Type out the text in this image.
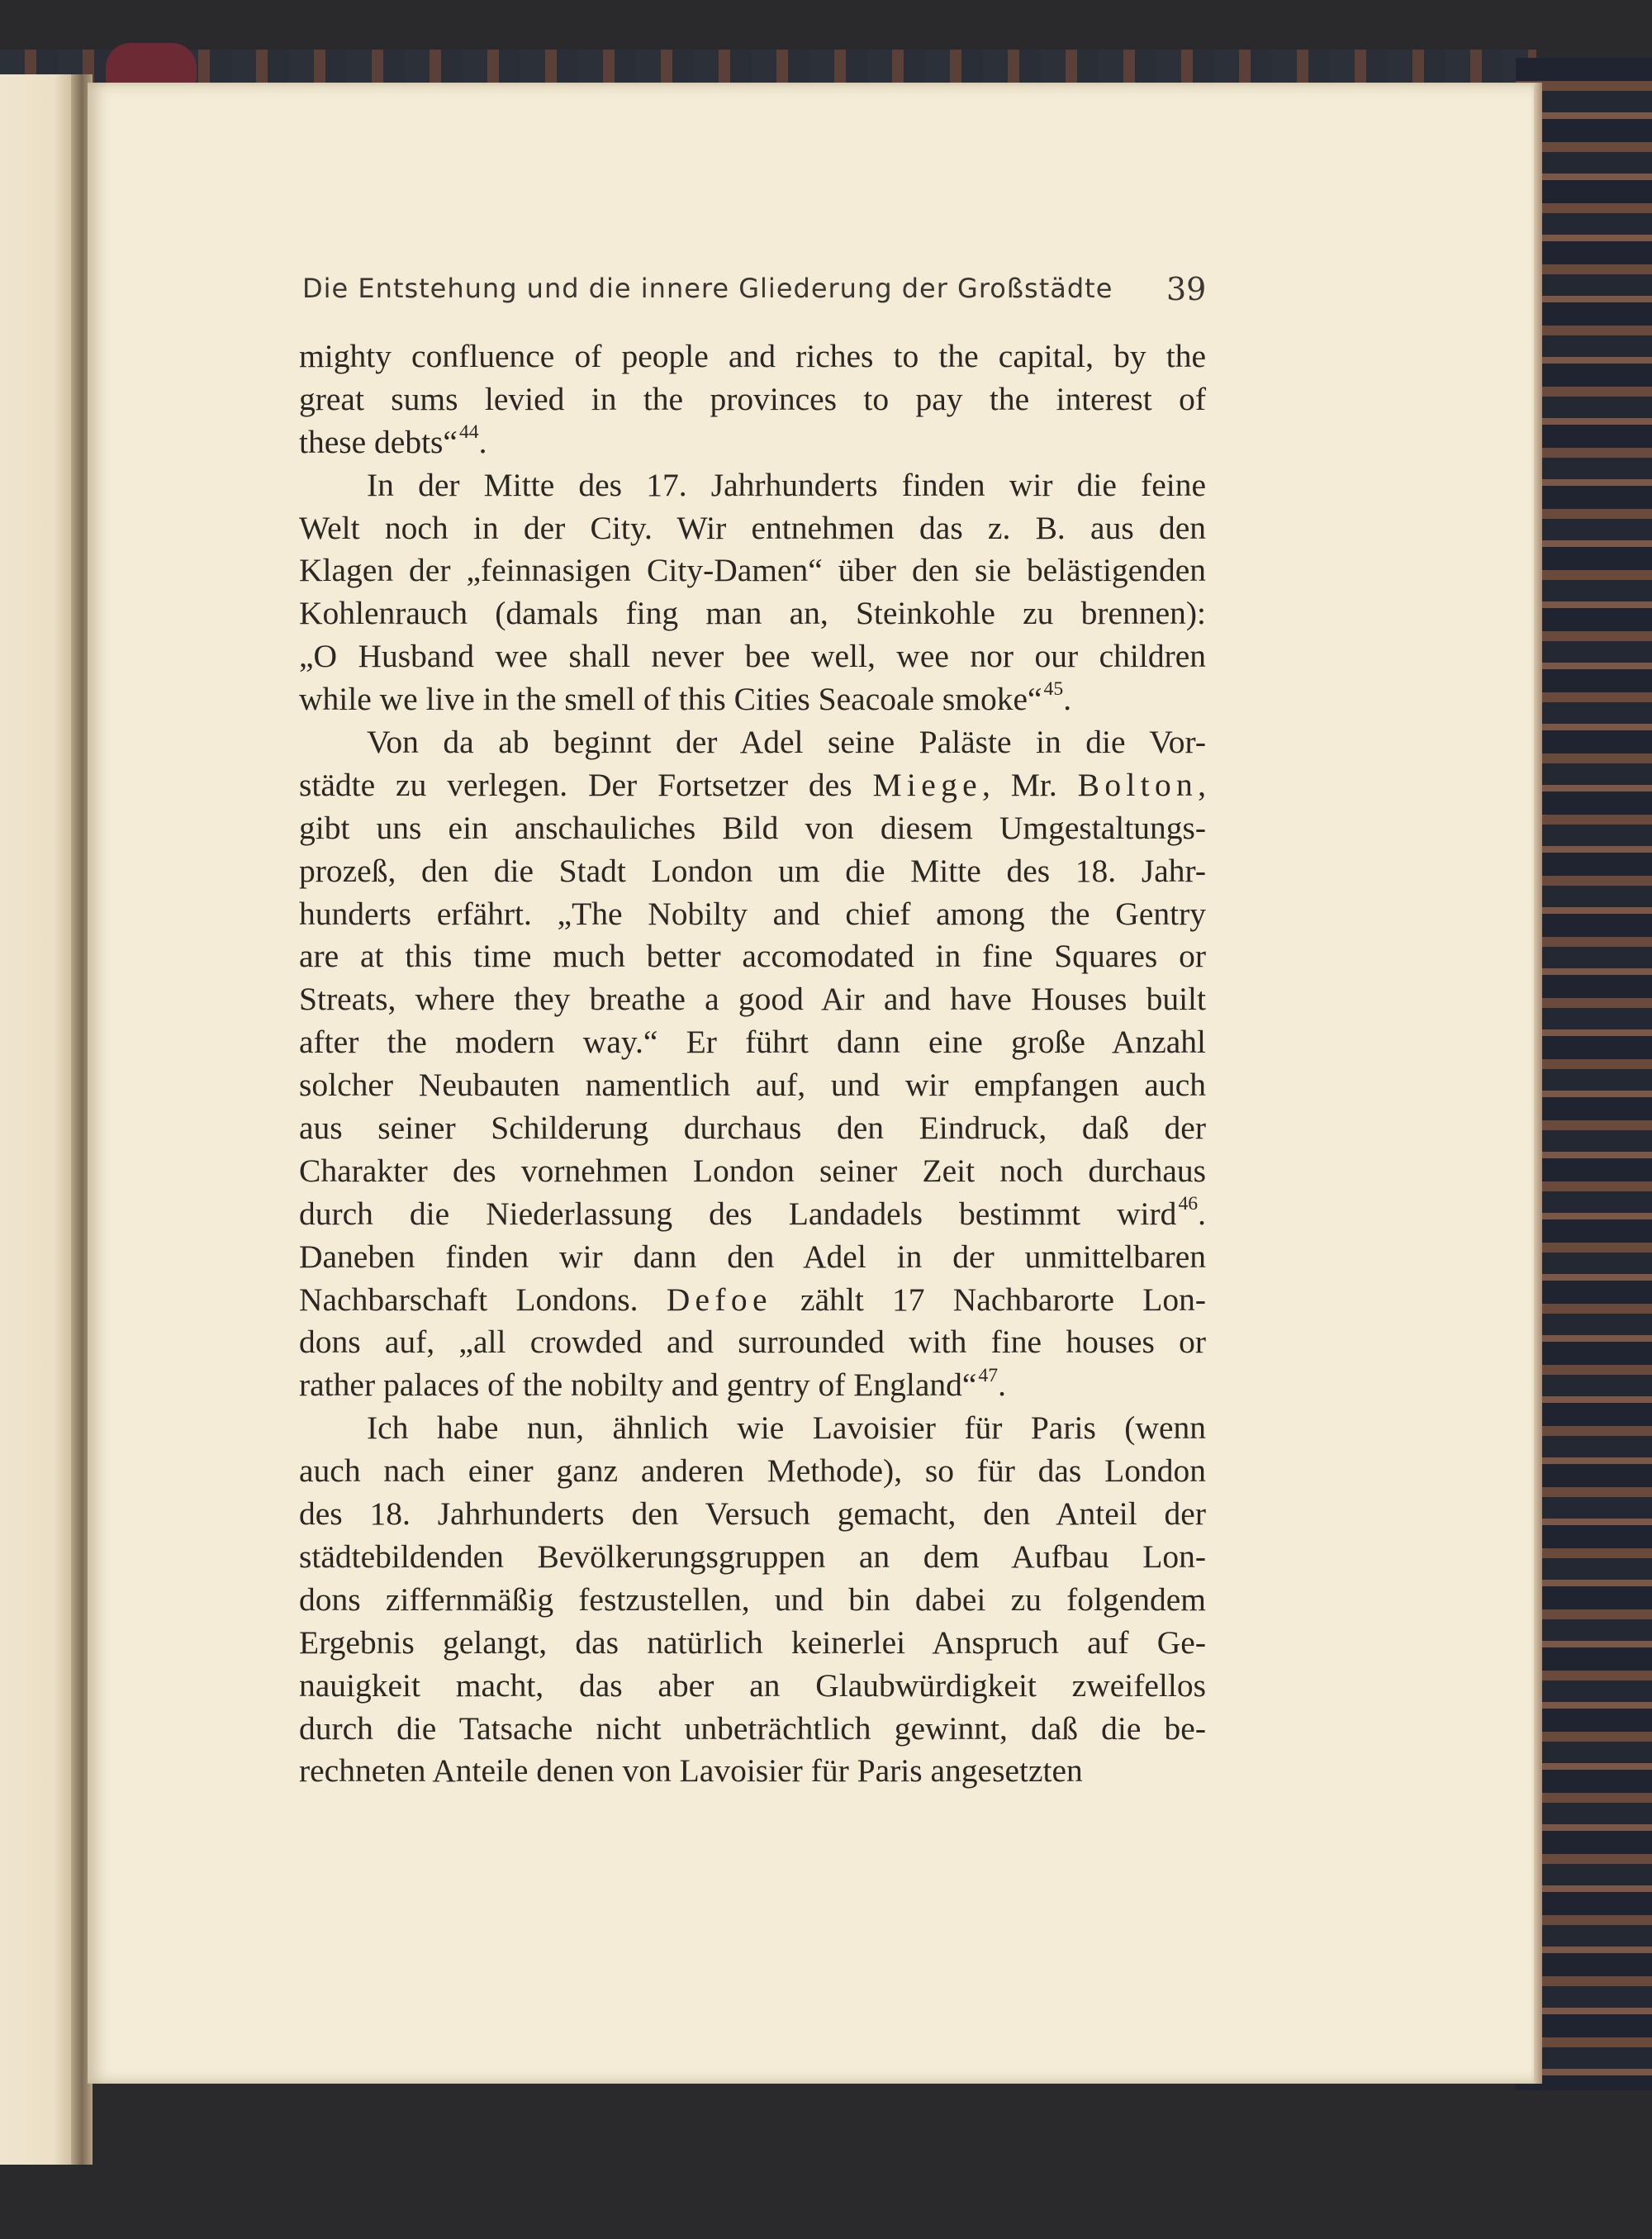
Die Entstehung und die innere Gliederung der Großstädte	39
mighty confluence of people and riches to the capital, by the
great sums levied in the provinces to pay the interest of
these debts“$^{44}$.
In der Mitte des 17. Jahrhunderts finden wir die feine
Welt noch in der City. Wir entnehmen das z. B. aus den
Klagen der „feinnasigen City-Damen“ über den sie belästigenden
Kohlenrauch (damals fing man an, Steinkohle zu brennen):
„O Husband wee shall never bee well, wee nor our children
while we live in the smell of this Cities Seacoale smoke“$^{45}$.
Von da ab beginnt der Adel seine Paläste in die Vor-
städte zu verlegen. Der Fortsetzer des Miege, Mr. Bolton,
gibt uns ein anschauliches Bild von diesem Umgestaltungs-
prozeß, den die Stadt London um die Mitte des 18. Jahr-
hunderts erfährt. „The Nobilty and chief among the Gentry
are at this time much better accomodated in fine Squares or
Streats, where they breathe a good Air and have Houses built
after the modern way.“ Er führt dann eine große Anzahl
solcher Neubauten namentlich auf, und wir empfangen auch
aus seiner Schilderung durchaus den Eindruck, daß der
Charakter des vornehmen London seiner Zeit noch durchaus
durch die Niederlassung des Landadels bestimmt wird$^{46}$.
Daneben finden wir dann den Adel in der unmittelbaren
Nachbarschaft Londons. Defoe zählt 17 Nachbarorte Lon-
dons auf, „all crowded and surrounded with fine houses or
rather palaces of the nobilty and gentry of England“$^{47}$.
Ich habe nun, ähnlich wie Lavoisier für Paris (wenn
auch nach einer ganz anderen Methode), so für das London
des 18. Jahrhunderts den Versuch gemacht, den Anteil der
städtebildenden Bevölkerungsgruppen an dem Aufbau Lon-
dons ziffernmäßig festzustellen, und bin dabei zu folgendem
Ergebnis gelangt, das natürlich keinerlei Anspruch auf Ge-
nauigkeit macht, das aber an Glaubwürdigkeit zweifellos
durch die Tatsache nicht unbeträchtlich gewinnt, daß die be-
rechneten Anteile denen von Lavoisier für Paris angesetzten
